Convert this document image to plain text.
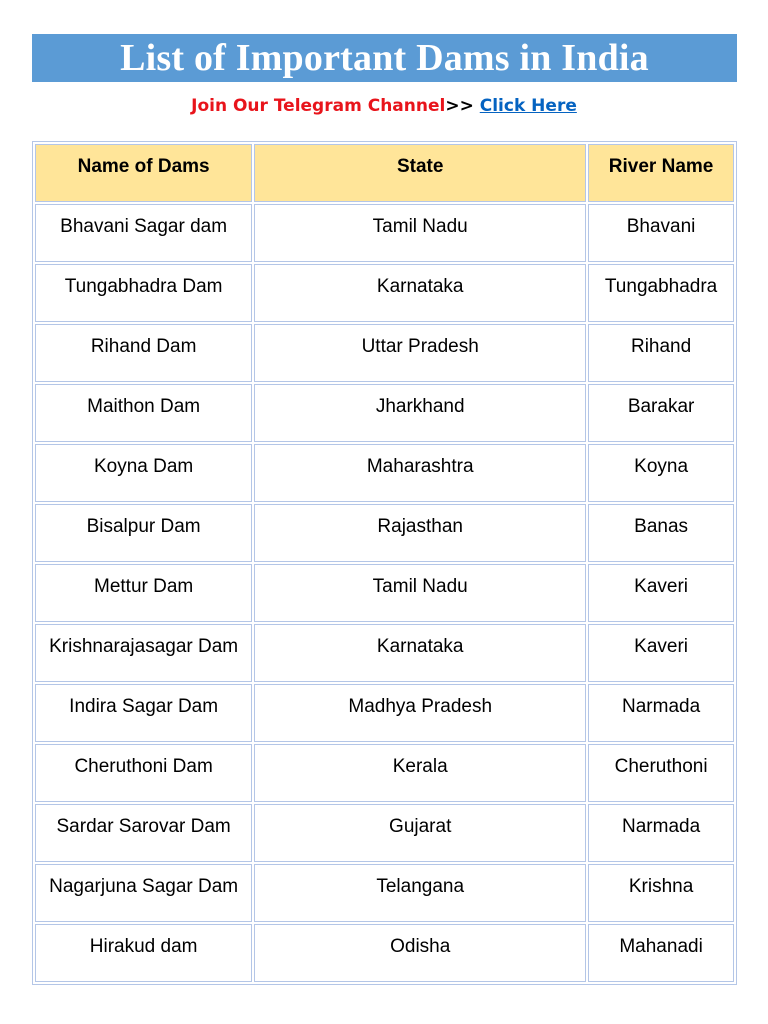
List of Important Dams in India
Join Our Telegram Channel>> Click Here
Name of Dams	State	River Name
Bhavani Sagar dam	Tamil Nadu	Bhavani
Tungabhadra Dam	Karnataka	Tungabhadra
Rihand Dam	Uttar Pradesh	Rihand
Maithon Dam	Jharkhand	Barakar
Koyna Dam	Maharashtra	Koyna
Bisalpur Dam	Rajasthan	Banas
Mettur Dam	Tamil Nadu	Kaveri
Krishnarajasagar Dam	Karnataka	Kaveri
Indira Sagar Dam	Madhya Pradesh	Narmada
Cheruthoni Dam	Kerala	Cheruthoni
Sardar Sarovar Dam	Gujarat	Narmada
Nagarjuna Sagar Dam	Telangana	Krishna
Hirakud dam	Odisha	Mahanadi
